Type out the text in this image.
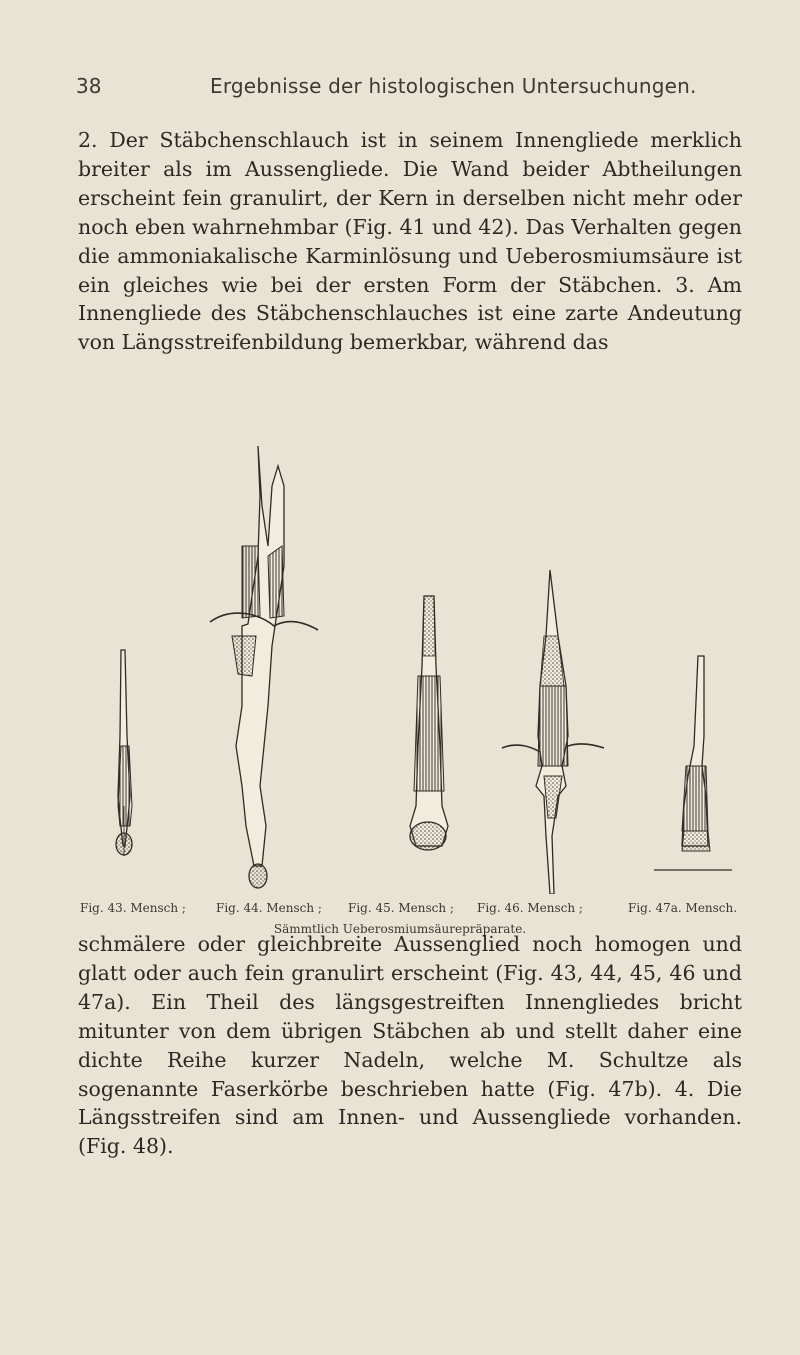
38	Ergebnisse der histologischen Untersuchungen.

2. Der Stäbchenschlauch ist in seinem Innengliede merklich breiter als im Aussengliede. Die Wand beider Abtheilungen erscheint fein granulirt, der Kern in derselben nicht mehr oder noch eben wahrnehmbar (Fig. 41 und 42). Das Verhalten gegen die ammoniakalische Karminlösung und Ueberosmiumsäure ist ein gleiches wie bei der ersten Form der Stäbchen. 3. Am Innengliede des Stäbchenschlauches ist eine zarte Andeutung von Längsstreifenbildung bemerkbar, während das

Fig. 43. Mensch ;	Fig. 44. Mensch ; Fig. 45. Mensch ; Fig. 46. Mensch ;	Fig. 47a. Mensch.
Sämmtlich Ueberosmiumsäurepräparate.

schmälere oder gleichbreite Aussenglied noch homogen und glatt oder auch fein granulirt erscheint (Fig. 43, 44, 45, 46 und 47a). Ein Theil des längsgestreiften Innengliedes bricht mitunter von dem übrigen Stäbchen ab und stellt daher eine dichte Reihe kurzer Nadeln, welche M. Schultze als sogenannte Faserkörbe beschrieben hatte (Fig. 47b). 4. Die Längsstreifen sind am Innen- und Aussengliede vorhanden. (Fig. 48).
